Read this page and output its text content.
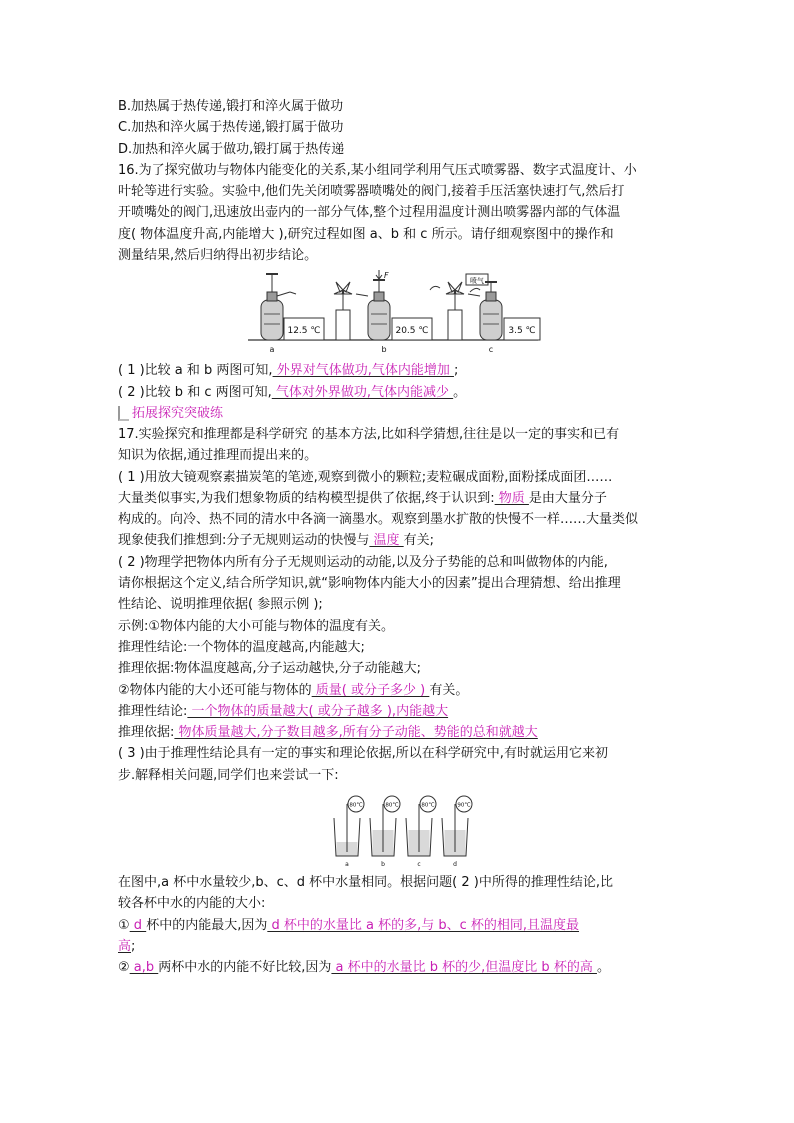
B.加热属于热传递,锻打和淬火属于做功
C.加热和淬火属于热传递,锻打属于做功
D.加热和淬火属于做功,锻打属于热传递
16.为了探究做功与物体内能变化的关系,某小组同学利用气压式喷雾器、数字式温度计、小
叶轮等进行实验。实验中,他们先关闭喷雾器喷嘴处的阀门,接着手压活塞快速打气,然后打
开喷嘴处的阀门,迅速放出壶内的一部分气体,整个过程用温度计测出喷雾器内部的气体温
度( 物体温度升高,内能增大 ),研究过程如图 a、b 和 c 所示。请仔细观察图中的操作和
测量结果,然后归纳得出初步结论。
12.5 ℃
F
20.5 ℃
喷气
3.5 ℃
a	b	c
( 1 )比较 a 和 b 两图可知, 外界对气体做功,气体内能增加 ;
( 2 )比较 b 和 c 两图可知, 气体对外界做功,气体内能减少 。
拓展探究突破练
17.实验探究和推理都是科学研究 的基本方法,比如科学猜想,往往是以一定的事实和已有
知识为依据,通过推理而提出来的。
( 1 )用放大镜观察素描炭笔的笔迹,观察到微小的颗粒;麦粒碾成面粉,面粉揉成面团……
大量类似事实,为我们想象物质的结构模型提供了依据,终于认识到: 物质 是由大量分子
构成的。向冷、热不同的清水中各滴一滴墨水。观察到墨水扩散的快慢不一样……大量类似
现象使我们推想到:分子无规则运动的快慢与 温度 有关;
( 2 )物理学把物体内所有分子无规则运动的动能,以及分子势能的总和叫做物体的内能,
请你根据这个定义,结合所学知识,就“影响物体内能大小的因素”提出合理猜想、给出推理
性结论、说明推理依据( 参照示例 );
示例:①物体内能的大小可能与物体的温度有关。
推理性结论:一个物体的温度越高,内能越大;
推理依据:物体温度越高,分子运动越快,分子动能越大;
②物体内能的大小还可能与物体的 质量( 或分子多少 ) 有关。
推理性结论: 一个物体的质量越大( 或分子越多 ),内能越大
推理依据: 物体质量越大,分子数目越多,所有分子动能、势能的总和就越大
( 3 )由于推理性结论具有一定的事实和理论依据,所以在科学研究中,有时就运用它来初
步.解释相关问题,同学们也来尝试一下:
80℃	80℃	80℃	90℃
a	b	c	d
在图中,a 杯中水量较少,b、c、d 杯中水量相同。根据问题( 2 )中所得的推理性结论,比
较各杯中水的内能的大小:
① d 杯中的内能最大,因为 d 杯中的水量比 a 杯的多,与 b、c 杯的相同,且温度最
高;
② a,b 两杯中水的内能不好比较,因为 a 杯中的水量比 b 杯的少,但温度比 b 杯的高 。
